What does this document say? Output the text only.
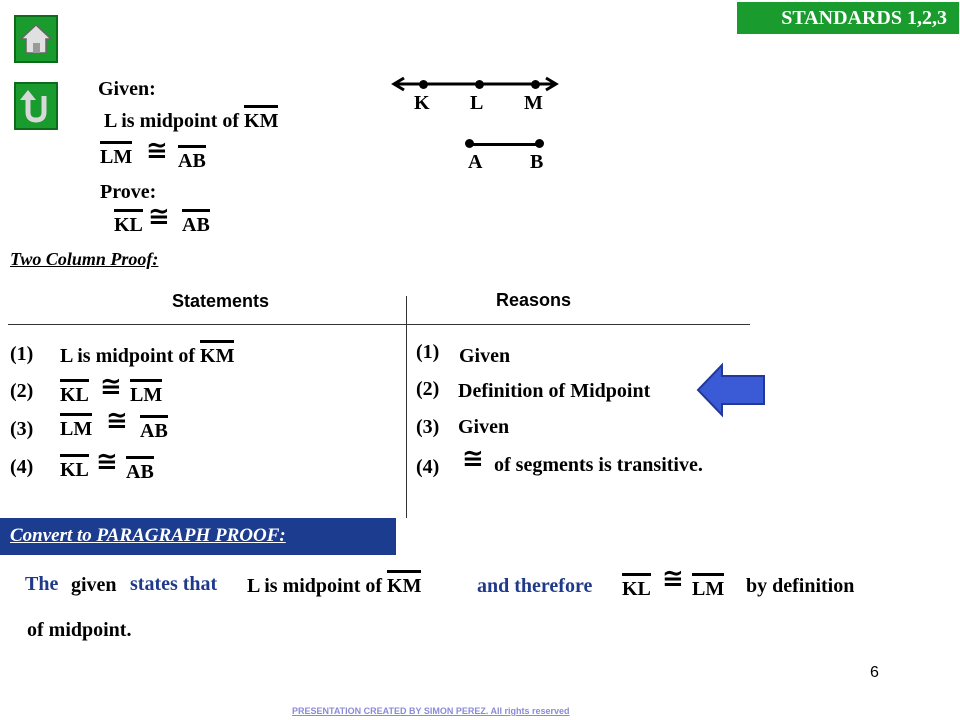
STANDARDS 1,2,3
Given:
L is midpoint of KM
LM ≅ AB
Prove:
KL ≅ AB
K L M
A B
Two Column Proof:
Statements	Reasons
(1) L is midpoint of KM	(1) Given
(2) KL ≅ LM	(2) Definition of Midpoint
(3) LM ≅ AB	(3) Given
(4) KL ≅ AB	(4) ≅ of segments is transitive.
Convert to PARAGRAPH PROOF:
The given states that L is midpoint of KM	and therefore KL ≅ LM by definition
of midpoint.
6
PRESENTATION CREATED BY SIMON PEREZ. All rights reserved
